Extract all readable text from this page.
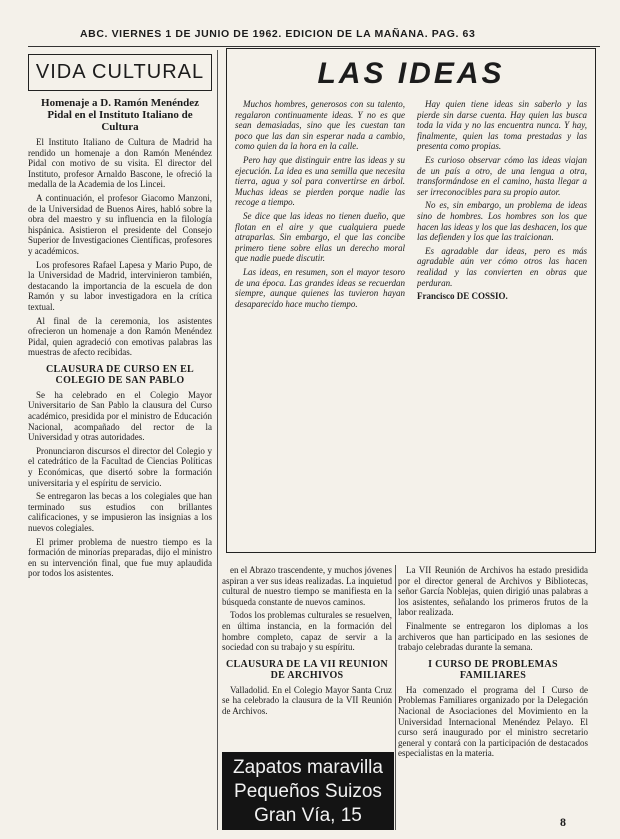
ABC. VIERNES 1 DE JUNIO DE 1962. EDICION DE LA MAÑANA. PAG. 63
VIDA CULTURAL
Homenaje a D. Ramón Menéndez Pidal en el Instituto Italiano de Cultura

El Instituto Italiano de Cultura de Madrid ha rendido un homenaje a don Ramón Menéndez Pidal con motivo de su visita. El director del Instituto, profesor Arnaldo Bascone, le ofreció la medalla de la Academia de los Lincei.

A continuación, el profesor Giacomo Manzoni, de la Universidad de Buenos Aires, habló sobre la obra del maestro y su influencia en la filología hispánica. Asistieron el presidente del Consejo Superior de Investigaciones Científicas, profesores y académicos.

Los profesores Rafael Lapesa y Mario Pupo, de la Universidad de Madrid, intervinieron también, destacando la importancia de la escuela de don Ramón y su labor investigadora en la crítica textual.

Al final de la ceremonia, los asistentes ofrecieron un homenaje a don Ramón Menéndez Pidal, quien agradeció con emotivas palabras las muestras de afecto recibidas.

CLAUSURA DE CURSO EN EL COLEGIO DE SAN PABLO

Se ha celebrado en el Colegio Mayor Universitario de San Pablo la clausura del Curso académico, presidida por el ministro de Educación Nacional, acompañado del rector de la Universidad y otras autoridades.

Pronunciaron discursos el director del Colegio y el catedrático de la Facultad de Ciencias Políticas y Económicas, que disertó sobre la formación universitaria y el espíritu de servicio.

Se entregaron las becas a los colegiales que han terminado sus estudios con brillantes calificaciones, y se impusieron las insignias a los nuevos colegiales.

El primer problema de nuestro tiempo es la formación de minorías preparadas, dijo el ministro en su intervención final, que fue muy aplaudida por todos los asistentes.

LAS IDEAS

Muchos hombres, generosos con su talento, regalaron continuamente ideas. Y no es que sean demasiadas, sino que les cuestan tan poco que las dan sin esperar nada a cambio, como quien da la hora en la calle.

Pero hay que distinguir entre las ideas y su ejecución. La idea es una semilla que necesita tierra, agua y sol para convertirse en árbol. Muchas ideas se pierden porque nadie las recoge a tiempo.

Se dice que las ideas no tienen dueño, que flotan en el aire y que cualquiera puede atraparlas. Sin embargo, el que las concibe primero tiene sobre ellas un derecho moral que nadie puede discutir.

Las ideas, en resumen, son el mayor tesoro de una época. Las grandes ideas se recuerdan siempre, aunque quienes las tuvieron hayan desaparecido hace mucho tiempo.

Hay quien tiene ideas sin saberlo y las pierde sin darse cuenta. Hay quien las busca toda la vida y no las encuentra nunca. Y hay, finalmente, quien las toma prestadas y las presenta como propias.

Es curioso observar cómo las ideas viajan de un país a otro, de una lengua a otra, transformándose en el camino, hasta llegar a ser irreconocibles para su propio autor.

No es, sin embargo, un problema de ideas sino de hombres. Los hombres son los que hacen las ideas y los que las deshacen, los que las defienden y los que las traicionan.

Es agradable dar ideas, pero es más agradable aún ver cómo otros las hacen realidad y las convierten en obras que perduran.

Francisco DE COSSIO.

en el Abrazo trascendente, y muchos jóvenes aspiran a ver sus ideas realizadas. La inquietud cultural de nuestro tiempo se manifiesta en la búsqueda constante de nuevos caminos.

Todos los problemas culturales se resuelven, en última instancia, en la formación del hombre completo, capaz de servir a la sociedad con su trabajo y su espíritu.

CLAUSURA DE LA VII REUNION DE ARCHIVOS

Valladolid. En el Colegio Mayor Santa Cruz se ha celebrado la clausura de la VII Reunión de Archivos.

La VII Reunión de Archivos ha estado presidida por el director general de Archivos y Bibliotecas, señor García Noblejas, quien dirigió unas palabras a los asistentes, señalando los primeros frutos de la labor realizada.

Finalmente se entregaron los diplomas a los archiveros que han participado en las sesiones de trabajo celebradas durante la semana.

I CURSO DE PROBLEMAS FAMILIARES

Ha comenzado el programa del I Curso de Problemas Familiares organizado por la Delegación Nacional de Asociaciones del Movimiento en la Universidad Internacional Menéndez Pelayo. El curso será inaugurado por el ministro secretario general y contará con la participación de destacados especialistas en la materia.

Zapatos maravilla
Pequeños Suizos
Gran Vía, 15	8
